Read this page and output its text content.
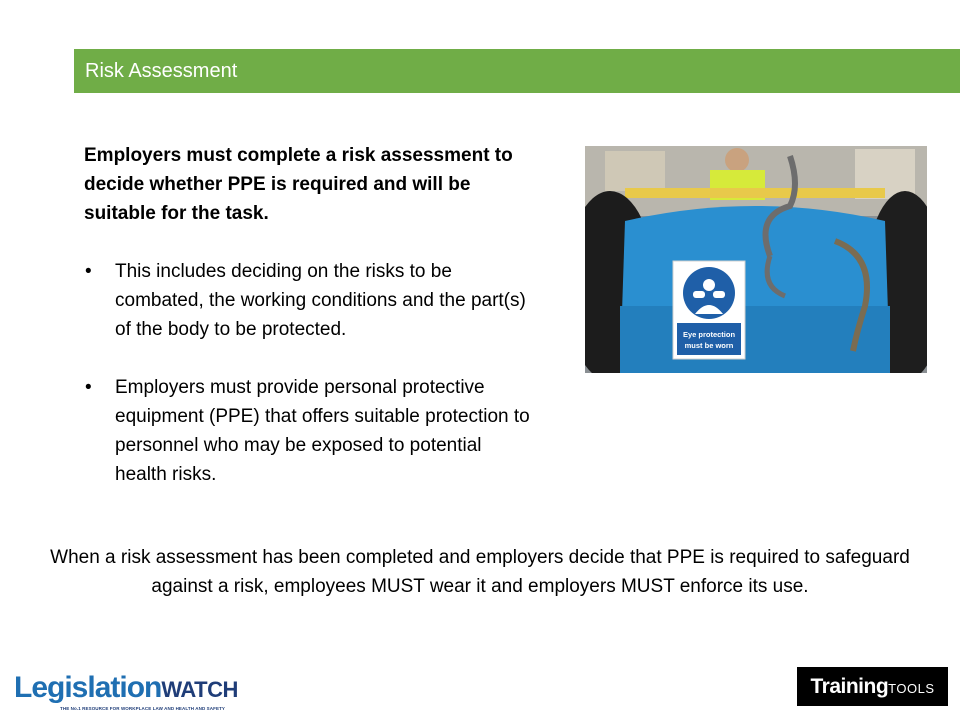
Risk Assessment

Employers must complete a risk assessment to decide whether PPE is required and will be suitable for the task.

• This includes deciding on the risks to be combated, the working conditions and the part(s) of the body to be protected.
• Employers must provide personal protective equipment (PPE) that offers suitable protection to personnel who may be exposed to potential health risks.
Eye protection
must be worn
When a risk assessment has been completed and employers decide that PPE is required to safeguard against a risk, employees MUST wear it and employers MUST enforce its use.
LegislationWATCH
THE No.1 RESOURCE FOR WORKPLACE LAW AND HEALTH AND SAFETY
TrainingTOOLS
